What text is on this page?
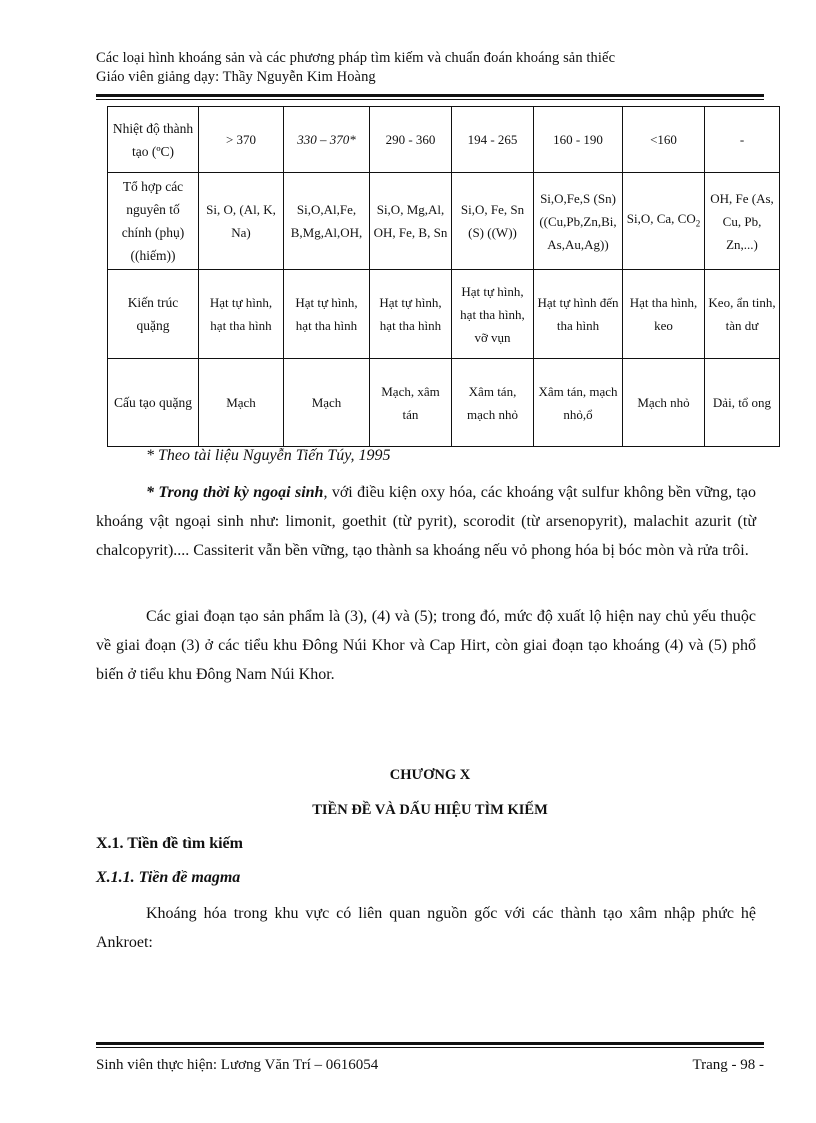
Các loại hình khoáng sản và các phương pháp tìm kiếm và chuẩn đoán khoáng sản thiếc
Giáo viên giảng dạy: Thầy Nguyễn Kim Hoàng
Nhiệt độ thành tạo (ºC)	> 370	330 – 370*	290 - 360	194 - 265	160 - 190	<160	-
Tổ hợp các nguyên tố chính (phụ) ((hiếm))	Si, O, (Al, K, Na)	Si,O,Al,Fe, B,Mg,Al,OH,	Si,O, Mg,Al, OH, Fe, B, Sn	Si,O, Fe, Sn (S) ((W))	Si,O,Fe,S (Sn) ((Cu,Pb,Zn,Bi, As,Au,Ag))	Si,O, Ca, $CO_2$	OH, Fe (As, Cu, Pb, Zn,...)
Kiến trúc quặng	Hạt tự hình, hạt tha hình	Hạt tự hình, hạt tha hình	Hạt tự hình, hạt tha hình	Hạt tự hình, hạt tha hình, vỡ vụn	Hạt tự hình đến tha hình	Hạt tha hình, keo	Keo, ẩn tinh, tàn dư
Cấu tạo quặng	Mạch	Mạch	Mạch, xâm tán	Xâm tán, mạch nhỏ	Xâm tán, mạch nhỏ,ổ	Mạch nhỏ	Dải, tổ ong
* Theo tài liệu Nguyễn Tiến Túy, 1995

* Trong thời kỳ ngoại sinh, với điều kiện oxy hóa, các khoáng vật sulfur không bền vững, tạo khoáng vật ngoại sinh như: limonit, goethit (từ pyrit), scorodit (từ arsenopyrit), malachit azurit (từ chalcopyrit).... Cassiterit vẫn bền vững, tạo thành sa khoáng nếu vỏ phong hóa bị bóc mòn và rửa trôi.

Các giai đoạn tạo sản phẩm là (3), (4) và (5); trong đó, mức độ xuất lộ hiện nay chủ yếu thuộc về giai đoạn (3) ở các tiểu khu Đông Núi Khor và Cap Hirt, còn giai đoạn tạo khoáng (4) và (5) phổ biến ở tiểu khu Đông Nam Núi Khor.

CHƯƠNG X
TIỀN ĐỀ VÀ DẤU HIỆU TÌM KIẾM
X.1. Tiền đề tìm kiếm
X.1.1. Tiền đề magma

Khoáng hóa trong khu vực có liên quan nguồn gốc với các thành tạo xâm nhập phức hệ Ankroet:

Sinh viên thực hiện: Lương Văn Trí – 0616054	Trang - 98 -
